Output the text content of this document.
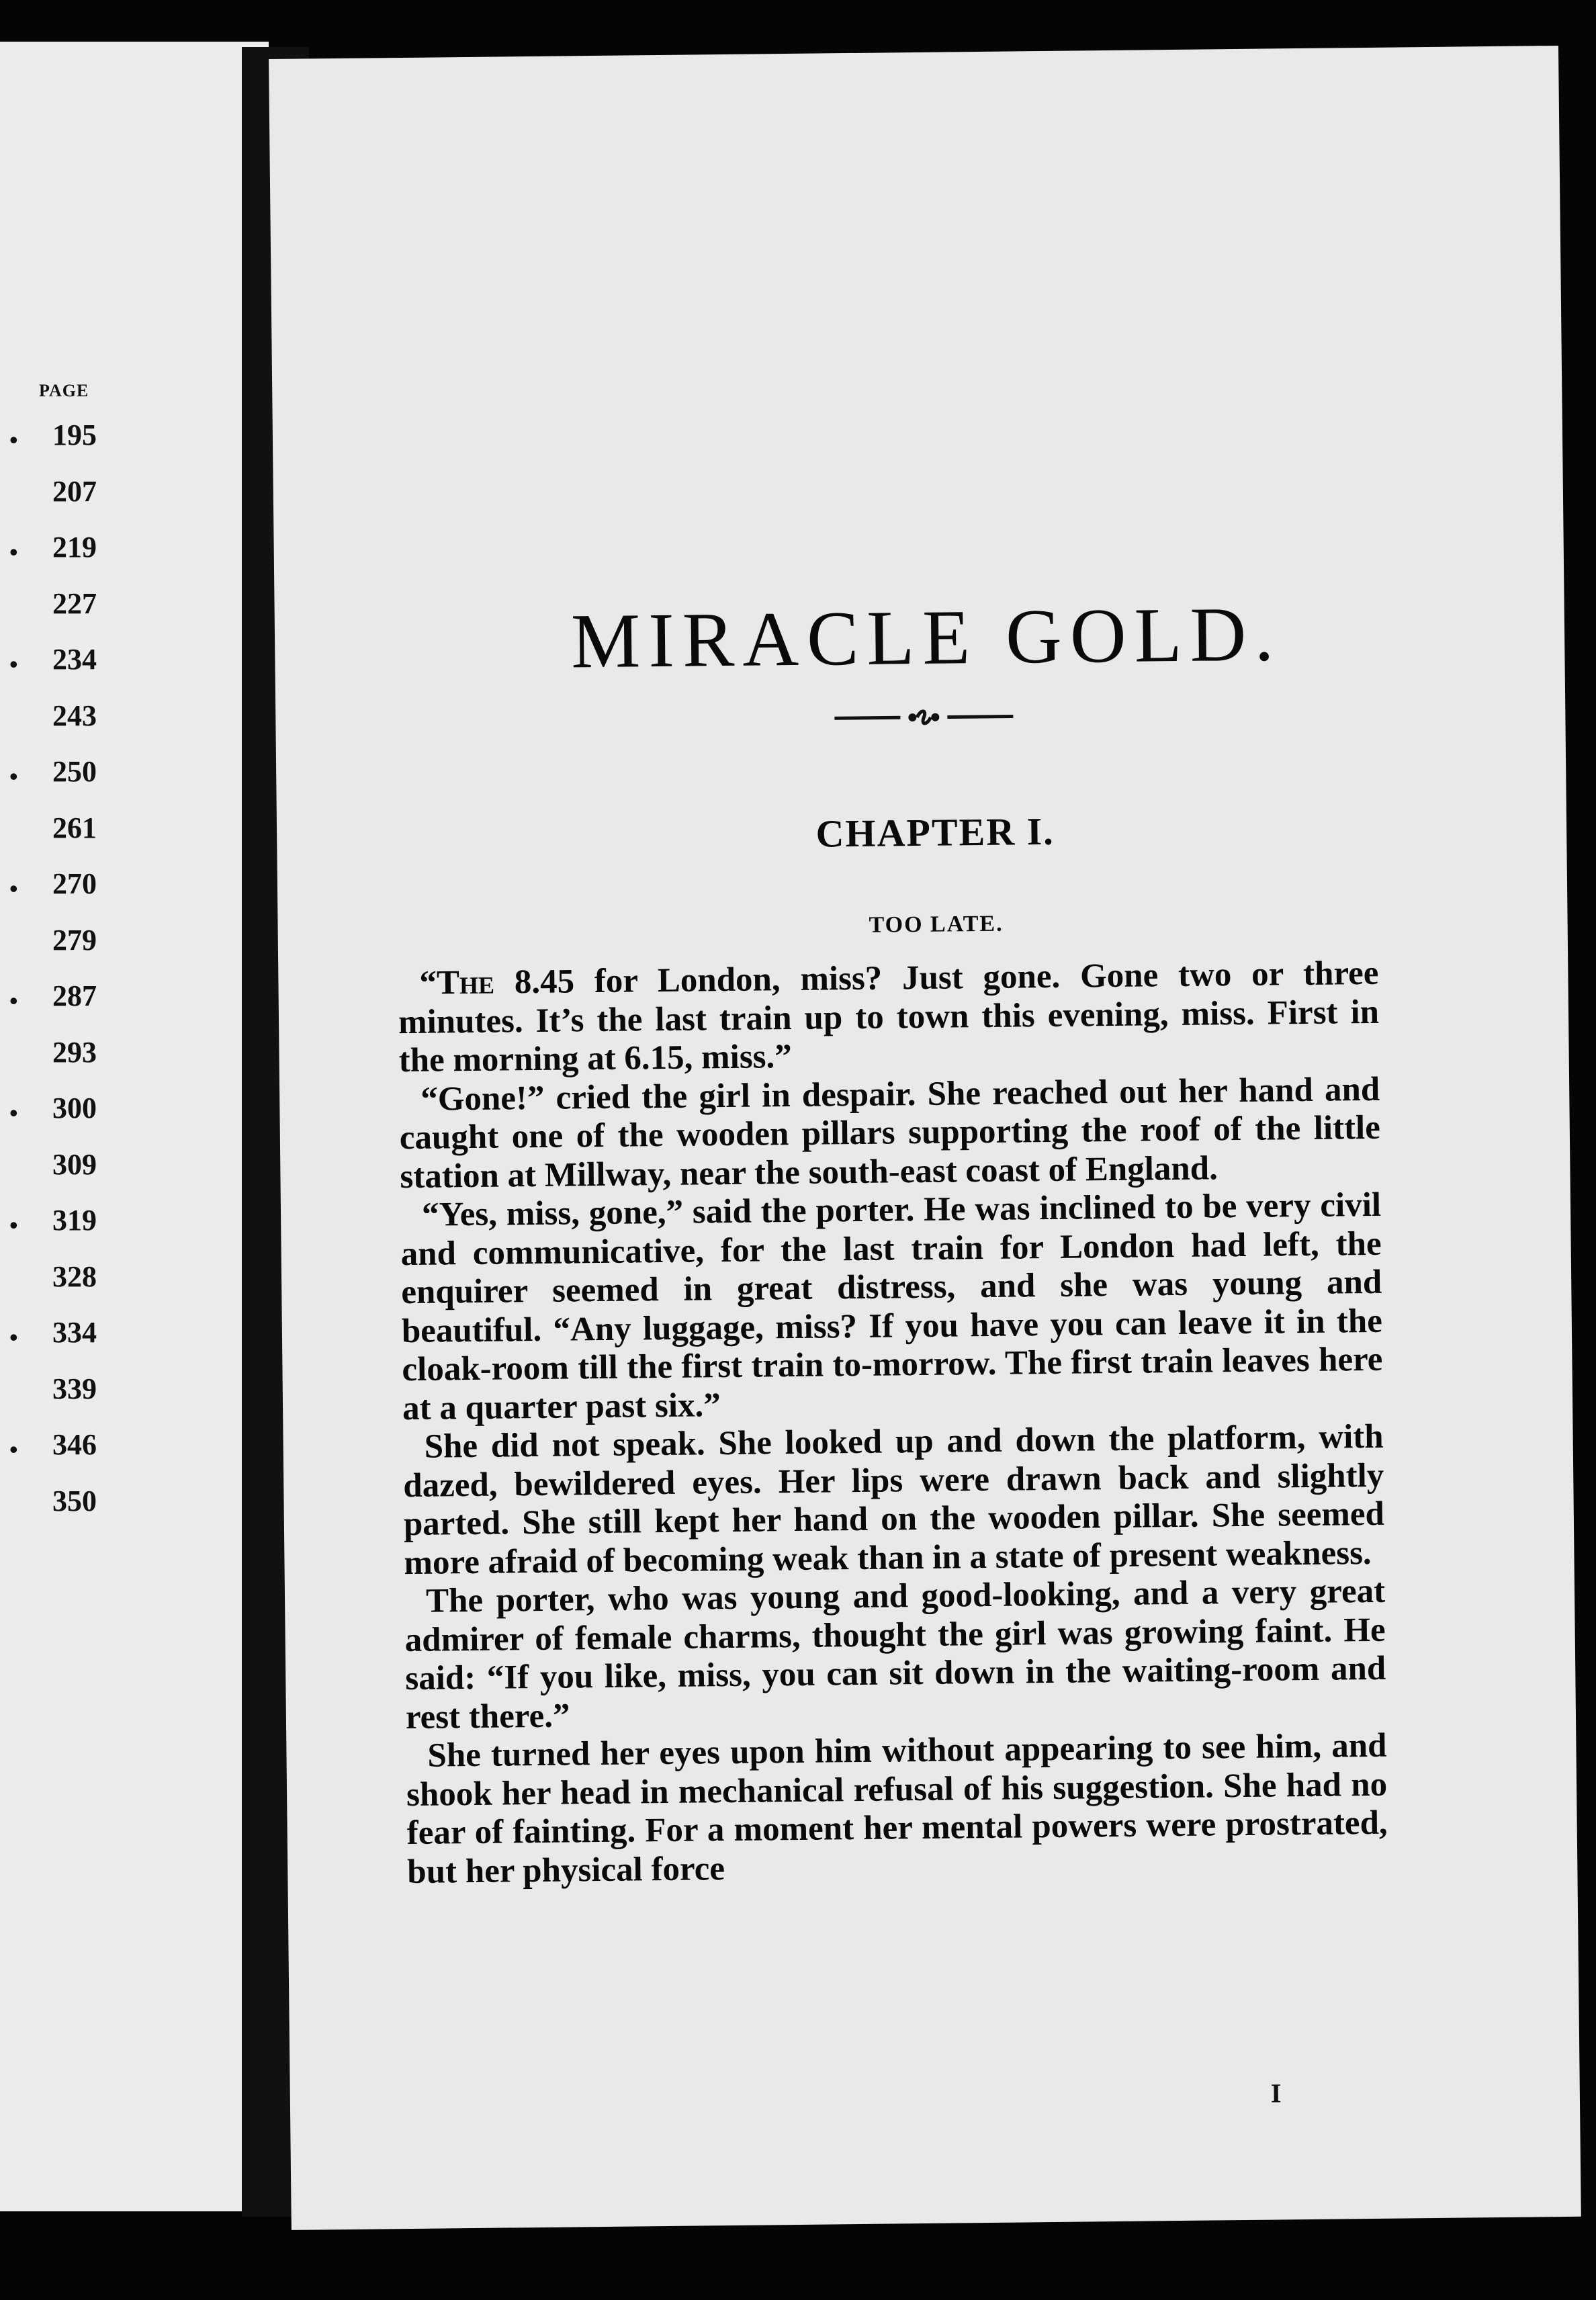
PAGE
• 195
207
• 219
227
• 234
243
• 250
261
• 270
279
• 287
293
• 300
309
• 319
328
• 334
339
• 346
350
MIRACLE GOLD.
CHAPTER I.
TOO LATE.

“The 8.45 for London, miss? Just gone. Gone two or three minutes. It’s the last train up to town this evening, miss. First in the morning at 6.15, miss.”

“Gone!” cried the girl in despair. She reached out her hand and caught one of the wooden pillars supporting the roof of the little station at Millway, near the south-east coast of England.

“Yes, miss, gone,” said the porter. He was inclined to be very civil and communicative, for the last train for London had left, the enquirer seemed in great distress, and she was young and beautiful. “Any luggage, miss? If you have you can leave it in the cloak-room till the first train to-morrow. The first train leaves here at a quarter past six.”

She did not speak. She looked up and down the platform, with dazed, bewildered eyes. Her lips were drawn back and slightly parted. She still kept her hand on the wooden pillar. She seemed more afraid of becoming weak than in a state of present weakness.

The porter, who was young and good-looking, and a very great admirer of female charms, thought the girl was growing faint. He said: “If you like, miss, you can sit down in the waiting-room and rest there.”

She turned her eyes upon him without appearing to see him, and shook her head in mechanical refusal of his suggestion. She had no fear of fainting. For a moment her mental powers were prostrated, but her physical force

I
